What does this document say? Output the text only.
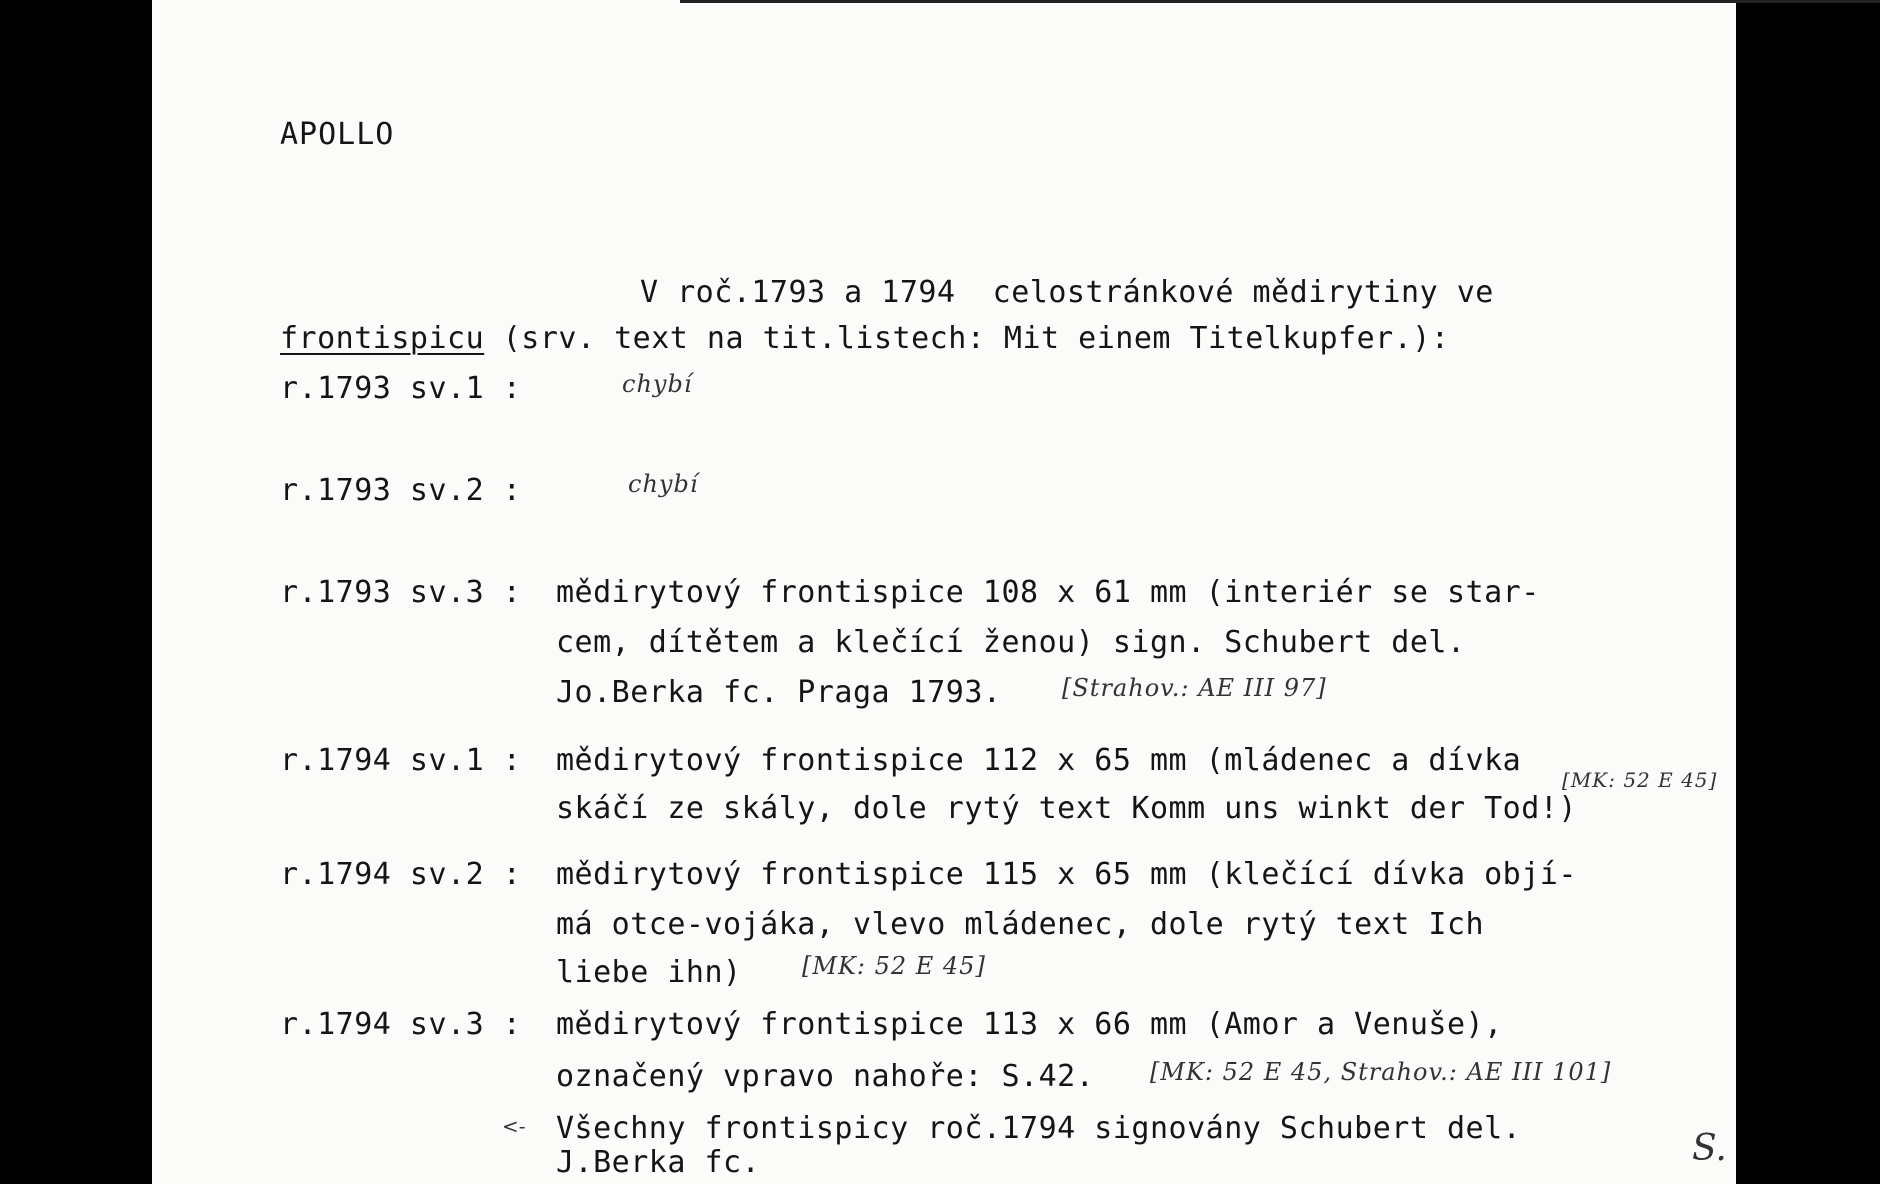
APOLLO
V roč.1793 a 1794  celostránkové mědirytiny ve
frontispicu (srv. text na tit.listech: Mit einem Titelkupfer.):
r.1793 sv.1 :	chybí
r.1793 sv.2 :	chybí
r.1793 sv.3 : mědirytový frontispice 108 x 61 mm (interiér se star-
cem, dítětem a klečící ženou) sign. Schubert del.
Jo.Berka fc. Praga 1793.	[Strahov.: AE III 97]
r.1794 sv.1 : mědirytový frontispice 112 x 65 mm (mládenec a dívka
skáčí ze skály, dole rytý text Komm uns winkt der Tod!)
[MK: 52 E 45]
r.1794 sv.2 : mědirytový frontispice 115 x 65 mm (klečící dívka objí-
má otce-vojáka, vlevo mládenec, dole rytý text Ich
liebe ihn)	[MK: 52 E 45]
r.1794 sv.3 : mědirytový frontispice 113 x 66 mm (Amor a Venuše),
označený vpravo nahoře: S.42. [MK: 52 E 45, Strahov.: AE III 101]
<- Všechny frontispicy roč.1794 signovány Schubert del.
J.Berka fc.	S.
